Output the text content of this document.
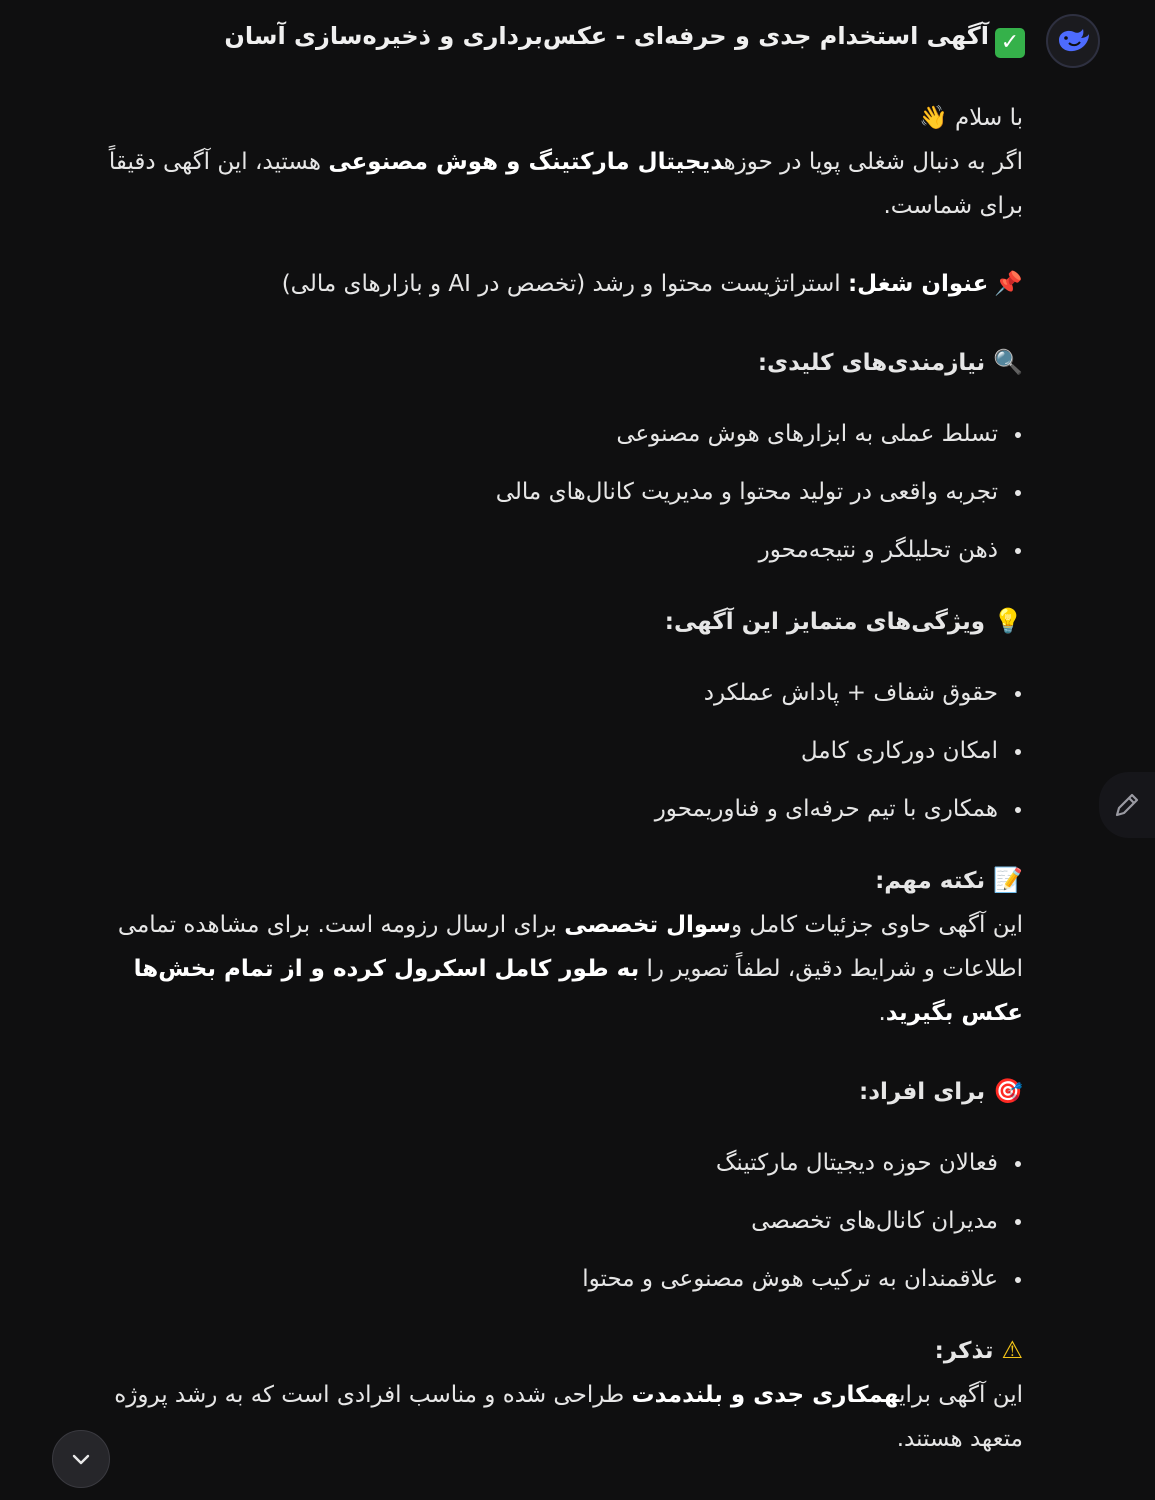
✓آگهی استخدام جدی و حرفه‌ای - عکس‌برداری و ذخیره‌سازی آسان

با سلام 👋

اگر به دنبال شغلی پویا در حوزهدیجیتال مارکتینگ و هوش مصنوعی هستید، این آگهی دقیقاً برای شماست.

📌عنوان شغل: استراتژیست محتوا و رشد (تخصص در AI و بازارهای مالی)

🔍نیازمندی‌های کلیدی:

تسلط عملی به ابزارهای هوش مصنوعی
تجربه واقعی در تولید محتوا و مدیریت کانال‌های مالی
ذهن تحلیلگر و نتیجه‌محور

💡ویژگی‌های متمایز این آگهی:

حقوق شفاف + پاداش عملکرد
امکان دورکاری کامل
همکاری با تیم حرفه‌ای و فناوریمحور

📝نکته مهم:

این آگهی حاوی جزئیات کامل وسوال تخصصی برای ارسال رزومه است. برای مشاهده تمامی اطلاعات و شرایط دقیق، لطفاً تصویر را به طور کامل اسکرول کرده و از تمام بخش‌ها عکس بگیرید.

🎯برای افراد:

فعالان حوزه دیجیتال مارکتینگ
مدیران کانال‌های تخصصی
علاقمندان به ترکیب هوش مصنوعی و محتوا

⚠تذکر:

این آگهی برایهمکاری جدی و بلندمدت طراحی شده و مناسب افرادی است که به رشد پروژه متعهد هستند.
